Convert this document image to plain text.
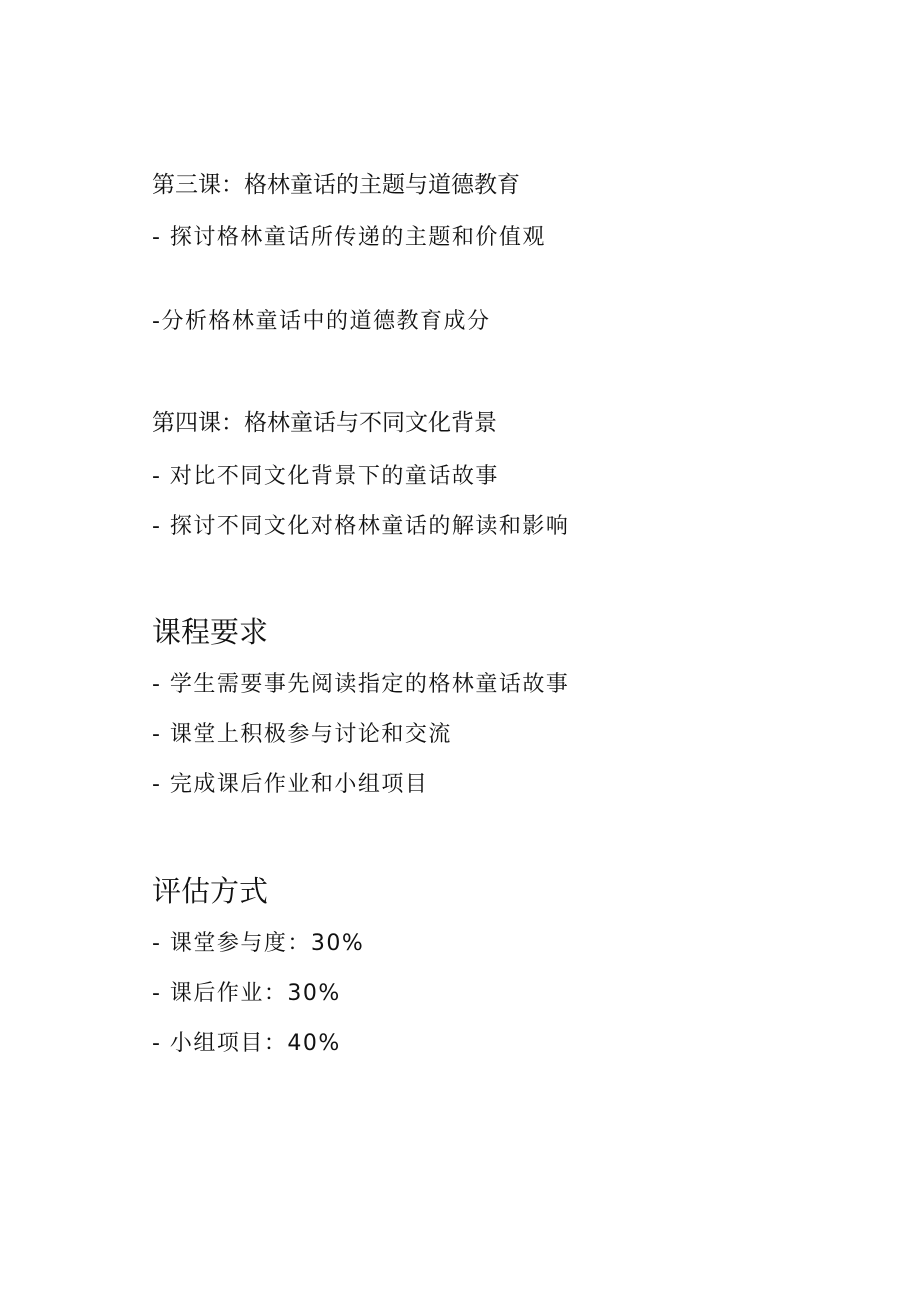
第三课：格林童话的主题与道德教育
- 探讨格林童话所传递的主题和价值观
-分析格林童话中的道德教育成分
第四课：格林童话与不同文化背景
- 对比不同文化背景下的童话故事
- 探讨不同文化对格林童话的解读和影响
课程要求
- 学生需要事先阅读指定的格林童话故事
- 课堂上积极参与讨论和交流
- 完成课后作业和小组项目
评估方式
- 课堂参与度：30%
- 课后作业：30%
- 小组项目：40%
